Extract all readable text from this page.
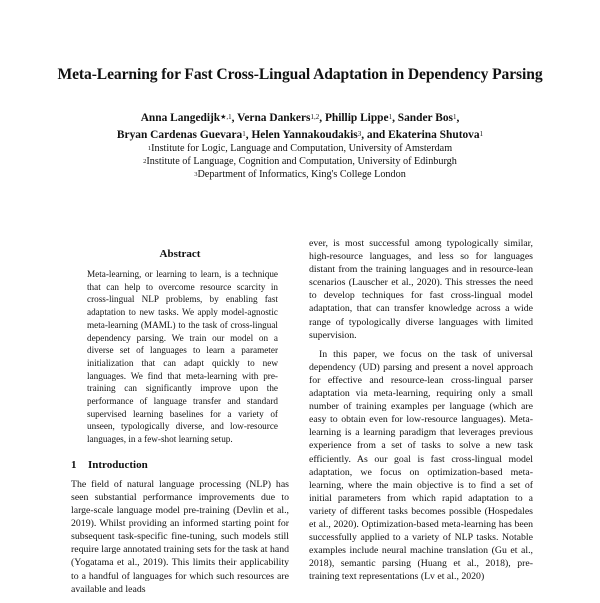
Meta-Learning for Fast Cross-Lingual Adaptation in Dependency Parsing
Anna Langedijk$^{★,1}$, Verna Dankers$^{1,2}$, Phillip Lippe$^1$, Sander Bos$^1$,
Bryan Cardenas Guevara$^1$, Helen Yannakoudakis$^3$, and Ekaterina Shutova$^1$
$^1$Institute for Logic, Language and Computation, University of Amsterdam
$^2$Institute of Language, Cognition and Computation, University of Edinburgh
$^3$Department of Informatics, King's College London
Abstract

Meta-learning, or learning to learn, is a technique that can help to overcome resource scarcity in cross-lingual NLP problems, by enabling fast adaptation to new tasks. We apply model-agnostic meta-learning (MAML) to the task of cross-lingual dependency parsing. We train our model on a diverse set of languages to learn a parameter initialization that can adapt quickly to new languages. We find that meta-learning with pre-training can significantly improve upon the performance of language transfer and standard supervised learning baselines for a variety of unseen, typologically diverse, and low-resource languages, in a few-shot learning setup.

1 Introduction

The field of natural language processing (NLP) has seen substantial performance improvements due to large-scale language model pre-training (Devlin et al., 2019). Whilst providing an informed starting point for subsequent task-specific fine-tuning, such models still require large annotated training sets for the task at hand (Yogatama et al., 2019). This limits their applicability to a handful of languages for which such resources are available and leads

ever, is most successful among typologically similar, high-resource languages, and less so for languages distant from the training languages and in resource-lean scenarios (Lauscher et al., 2020). This stresses the need to develop techniques for fast cross-lingual model adaptation, that can transfer knowledge across a wide range of typologically diverse languages with limited supervision.

In this paper, we focus on the task of universal dependency (UD) parsing and present a novel approach for effective and resource-lean cross-lingual parser adaptation via meta-learning, requiring only a small number of training examples per language (which are easy to obtain even for low-resource languages). Meta-learning is a learning paradigm that leverages previous experience from a set of tasks to solve a new task efficiently. As our goal is fast cross-lingual model adaptation, we focus on optimization-based meta-learning, where the main objective is to find a set of initial parameters from which rapid adaptation to a variety of different tasks becomes possible (Hospedales et al., 2020). Optimization-based meta-learning has been successfully applied to a variety of NLP tasks. Notable examples include neural machine translation (Gu et al., 2018), semantic parsing (Huang et al., 2018), pre-training text representations (Lv et al., 2020)
